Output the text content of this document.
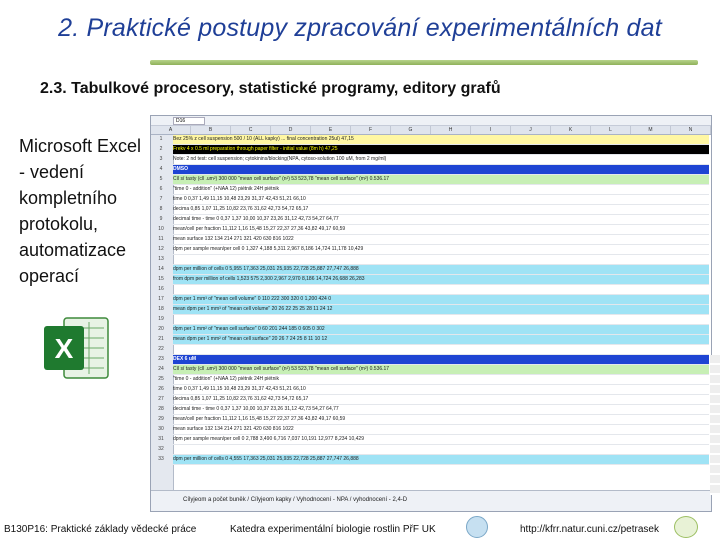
2. Praktické postupy zpracování experimentálních dat
2.3. Tabulkové procesory, statistické programy, editory grafů
Microsoft Excel
- vedení
kompletního
protokolu,
automatizace
operací
X
D16
A	B	C	D	E	F	G	H	I	J	K	L	M	N
1	Bez 25% z cell suspension 500 / 10 (ALL kapky) ... final concentration 25ul) 47,15
2	Frekv 4 x 0.5 ml preparation through paper filter - initial value (8m h) 47,25
3	Note: 2 nd test: cell suspension; cytokinins/blocking(NPA, cytoso-solution 100 uM, from 2 mg/ml)
4	DMSO
5	Cíl sí tasty (cll .um²) 300 000 "mean cell surface" (n²) 53 523,78 "mean cell surface" (m²) 0.536.17
6	"time 0 - addition" (+NAA 12) piétnik 24H piétnik
7	time 0 0,37 1,49 11,15 10,48 23,29 31,37 42,43 51,21 66,10
8	decima 0,85 1,07 11,25 10,82 23,76 31,62 42,73 54,72 65,17
9	decimal time - time 0 0,37 1,37 10,00 10,37 23,26 31,12 42,73 54,27 64,77
10	mean/cell per fraction 11,112 1,16 15,48 15,27 22,37 27,36 43,82 49,17 60,59
11	mean surface 132 134 214 271 321 420 630 816 1022
12	dpm per sample mean/per cell 0 1,327 4,188 5,311 2,967 8,186 14,724 11,178 10,429
13
14	dpm per million of cells 0 5,955 17,363 25,031 25,935 22,728 25,887 27,747 26,888
15	from dpm per million of cells 1,523 575 2,300 2,967 2,970 8,186 14,724 26,688 26,283
16
17	dpm per 1 mm³ of "mean cell volume" 0 110 222 300 320 0 1,200 424 0
18	mean dpm per 1 mm³ of "mean cell volume" 20 26 22 25 25 28 11 24 12
19
20	dpm per 1 mm² of "mean cell surface" 0 60 201 244 185 0 605 0 302
21	mean dpm per 1 mm² of "mean cell surface" 20 26 7 24 25 8 11 10 12
22
23	DEX 6 uM
24	Cíl sí tasty (cll .um²) 300 000 "mean cell surface" (n²) 53 523,78 "mean cell surface" (m²) 0.536.17
25	"time 0 - addition" (+NAA 12) piétnik 24H piétnik
26	time 0 0,37 1,49 11,15 10,48 23,29 31,37 42,43 51,21 66,10
27	decima 0,85 1,07 11,25 10,82 23,76 31,62 42,73 54,72 65,17
28	decimal time - time 0 0,37 1,37 10,00 10,37 23,26 31,12 42,73 54,27 64,77
29	mean/cell per fraction 11,112 1,16 15,48 15,27 22,37 27,36 43,82 49,17 60,59
30	mean surface 132 134 214 271 321 420 630 816 1022
31	dpm per sample mean/per cell 0 2,788 3,490 6,716 7,037 10,191 12,977 8,234 10,429
32
33	dpm per million of cells 0 4,555 17,363 25,031 25,935 22,728 25,887 27,747 26,888
Cílyjeom a počet buněk / Cílyjeom kapky / Vyhodnocení - NPA / vyhodnocení - 2,4-D
B130P16: Praktické základy vědecké práce	Katedra experimentální biologie rostlin PřF UK	http://kfrr.natur.cuni.cz/petrasek
